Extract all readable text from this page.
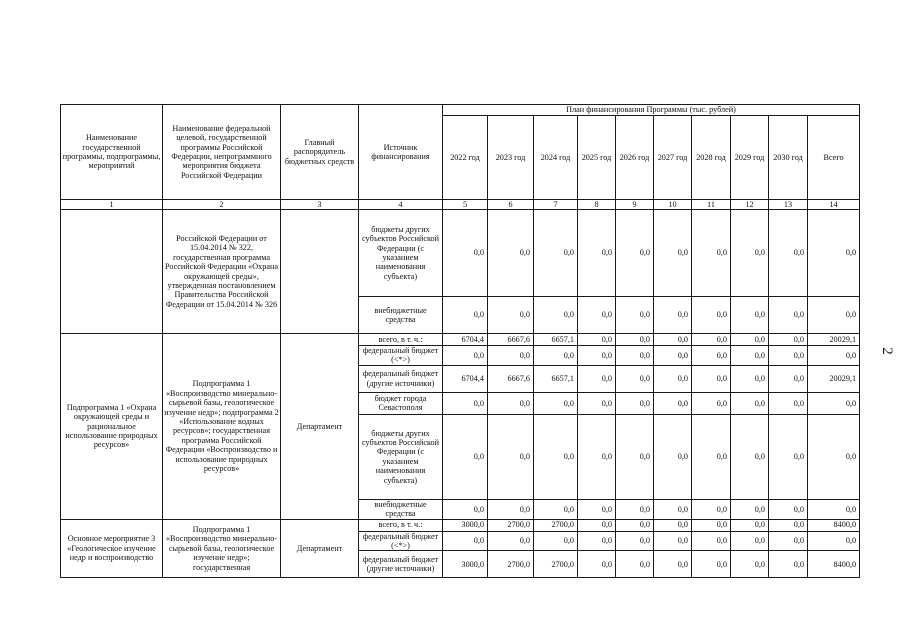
2
Наименование государственной программы, подпрограммы, мероприятий	Наименование федеральной целевой, государственной программы Российской Федерации, непрограммного мероприятия бюджета Российской Федерации	Главный распорядитель бюджетных средств	Источник финансирования	План финансирования Программы (тыс. рублей)									
				2022 год	2023 год	2024 год	2025 год	2026 год	2027 год	2028 год	2029 год	2030 год	Всего
1	2	3	4	5	6	7	8	9	10	11	12	13	14
	Российской Федерации от 15.04.2014 № 322, государственная программа Российской Федерации «Охрана окружающей среды», утвержденная постановлением Правительства Российской Федерации от 15.04.2014 № 326		бюджеты других субъектов Российской Федерации (с указанием наименования субъекта)	0,0	0,0	0,0	0,0	0,0	0,0	0,0	0,0	0,0	0,0
			внебюджетные средства	0,0	0,0	0,0	0,0	0,0	0,0	0,0	0,0	0,0	0,0
Подпрограмма 1 «Охрана окружающей среды и рациональное использование природных ресурсов»	Подпрограмма 1 «Воспроизводство минерально-сырьевой базы, геологическое изучение недр»; подпрограмма 2 «Использование водных ресурсов»; государственная программа Российской Федерации «Воспроизводство и использование природных ресурсов»	Департамент	всего, в т. ч.:	6704,4	6667,6	6657,1	0,0	0,0	0,0	0,0	0,0	0,0	20029,1
			федеральный бюджет (<*>)	0,0	0,0	0,0	0,0	0,0	0,0	0,0	0,0	0,0	0,0
			федеральный бюджет (другие источники)	6704,4	6667,6	6657,1	0,0	0,0	0,0	0,0	0,0	0,0	20029,1
			бюджет города Севастополя	0,0	0,0	0,0	0,0	0,0	0,0	0,0	0,0	0,0	0,0
			бюджеты других субъектов Российской Федерации (с указанием наименования субъекта)	0,0	0,0	0,0	0,0	0,0	0,0	0,0	0,0	0,0	0,0
			внебюджетные средства	0,0	0,0	0,0	0,0	0,0	0,0	0,0	0,0	0,0	0,0
Основное мероприятие 3 «Геологическое изучение недр и воспроизводство	Подпрограмма 1 «Воспроизводство минерально-сырьевой базы, геологическое изучение недр»; государственная	Департамент	всего, в т. ч.:	3000,0	2700,0	2700,0	0,0	0,0	0,0	0,0	0,0	0,0	8400,0
			федеральный бюджет (<*>)	0,0	0,0	0,0	0,0	0,0	0,0	0,0	0,0	0,0	0,0
			федеральный бюджет (другие источники)	3000,0	2700,0	2700,0	0,0	0,0	0,0	0,0	0,0	0,0	8400,0
